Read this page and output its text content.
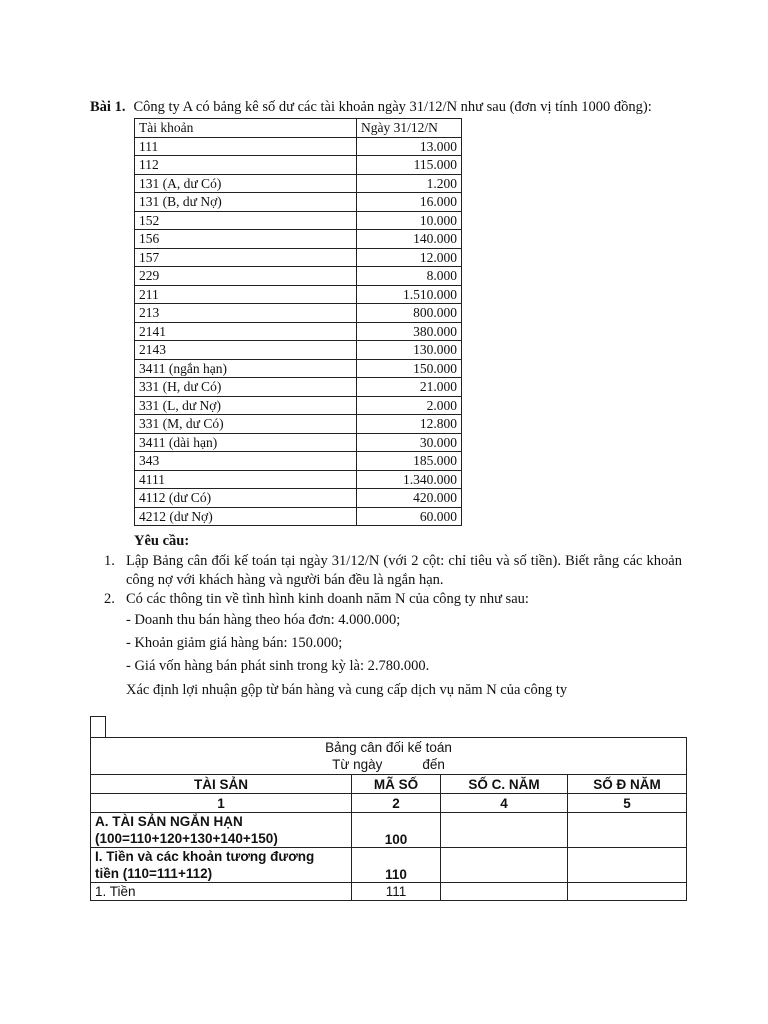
Bài 1. Công ty A có bảng kê số dư các tài khoản ngày 31/12/N như sau (đơn vị tính 1000 đồng):
Tài khoản	Ngày 31/12/N
111	13.000
112	115.000
131 (A, dư Có)	1.200
131 (B, dư Nợ)	16.000
152	10.000
156	140.000
157	12.000
229	8.000
211	1.510.000
213	800.000
2141	380.000
2143	130.000
3411 (ngắn hạn)	150.000
331 (H, dư Có)	21.000
331 (L, dư Nợ)	2.000
331 (M, dư Có)	12.800
3411 (dài hạn)	30.000
343	185.000
4111	1.340.000
4112 (dư Có)	420.000
4212 (dư Nợ)	60.000
Yêu cầu:
1. Lập Bảng cân đối kế toán tại ngày 31/12/N (với 2 cột: chỉ tiêu và số tiền). Biết rằng các khoản công nợ với khách hàng và người bán đều là ngắn hạn.
2. Có các thông tin về tình hình kinh doanh năm N của công ty như sau:
- Doanh thu bán hàng theo hóa đơn: 4.000.000;
- Khoản giảm giá hàng bán: 150.000;
- Giá vốn hàng bán phát sinh trong kỳ là: 2.780.000.
Xác định lợi nhuận gộp từ bán hàng và cung cấp dịch vụ năm N của công ty
Bảng cân đối kế toán
Từ ngày đến			

TÀI SẢN	MÃ SỐ	SỐ C. NĂM	SỐ Đ NĂM
1	2	4	5

A. TÀI SẢN NGẮN HẠN
(100=110+120+130+140+150)	100		

I. Tiền và các khoản tương đương
tiền (110=111+112)	110		
1. Tiền	111		
